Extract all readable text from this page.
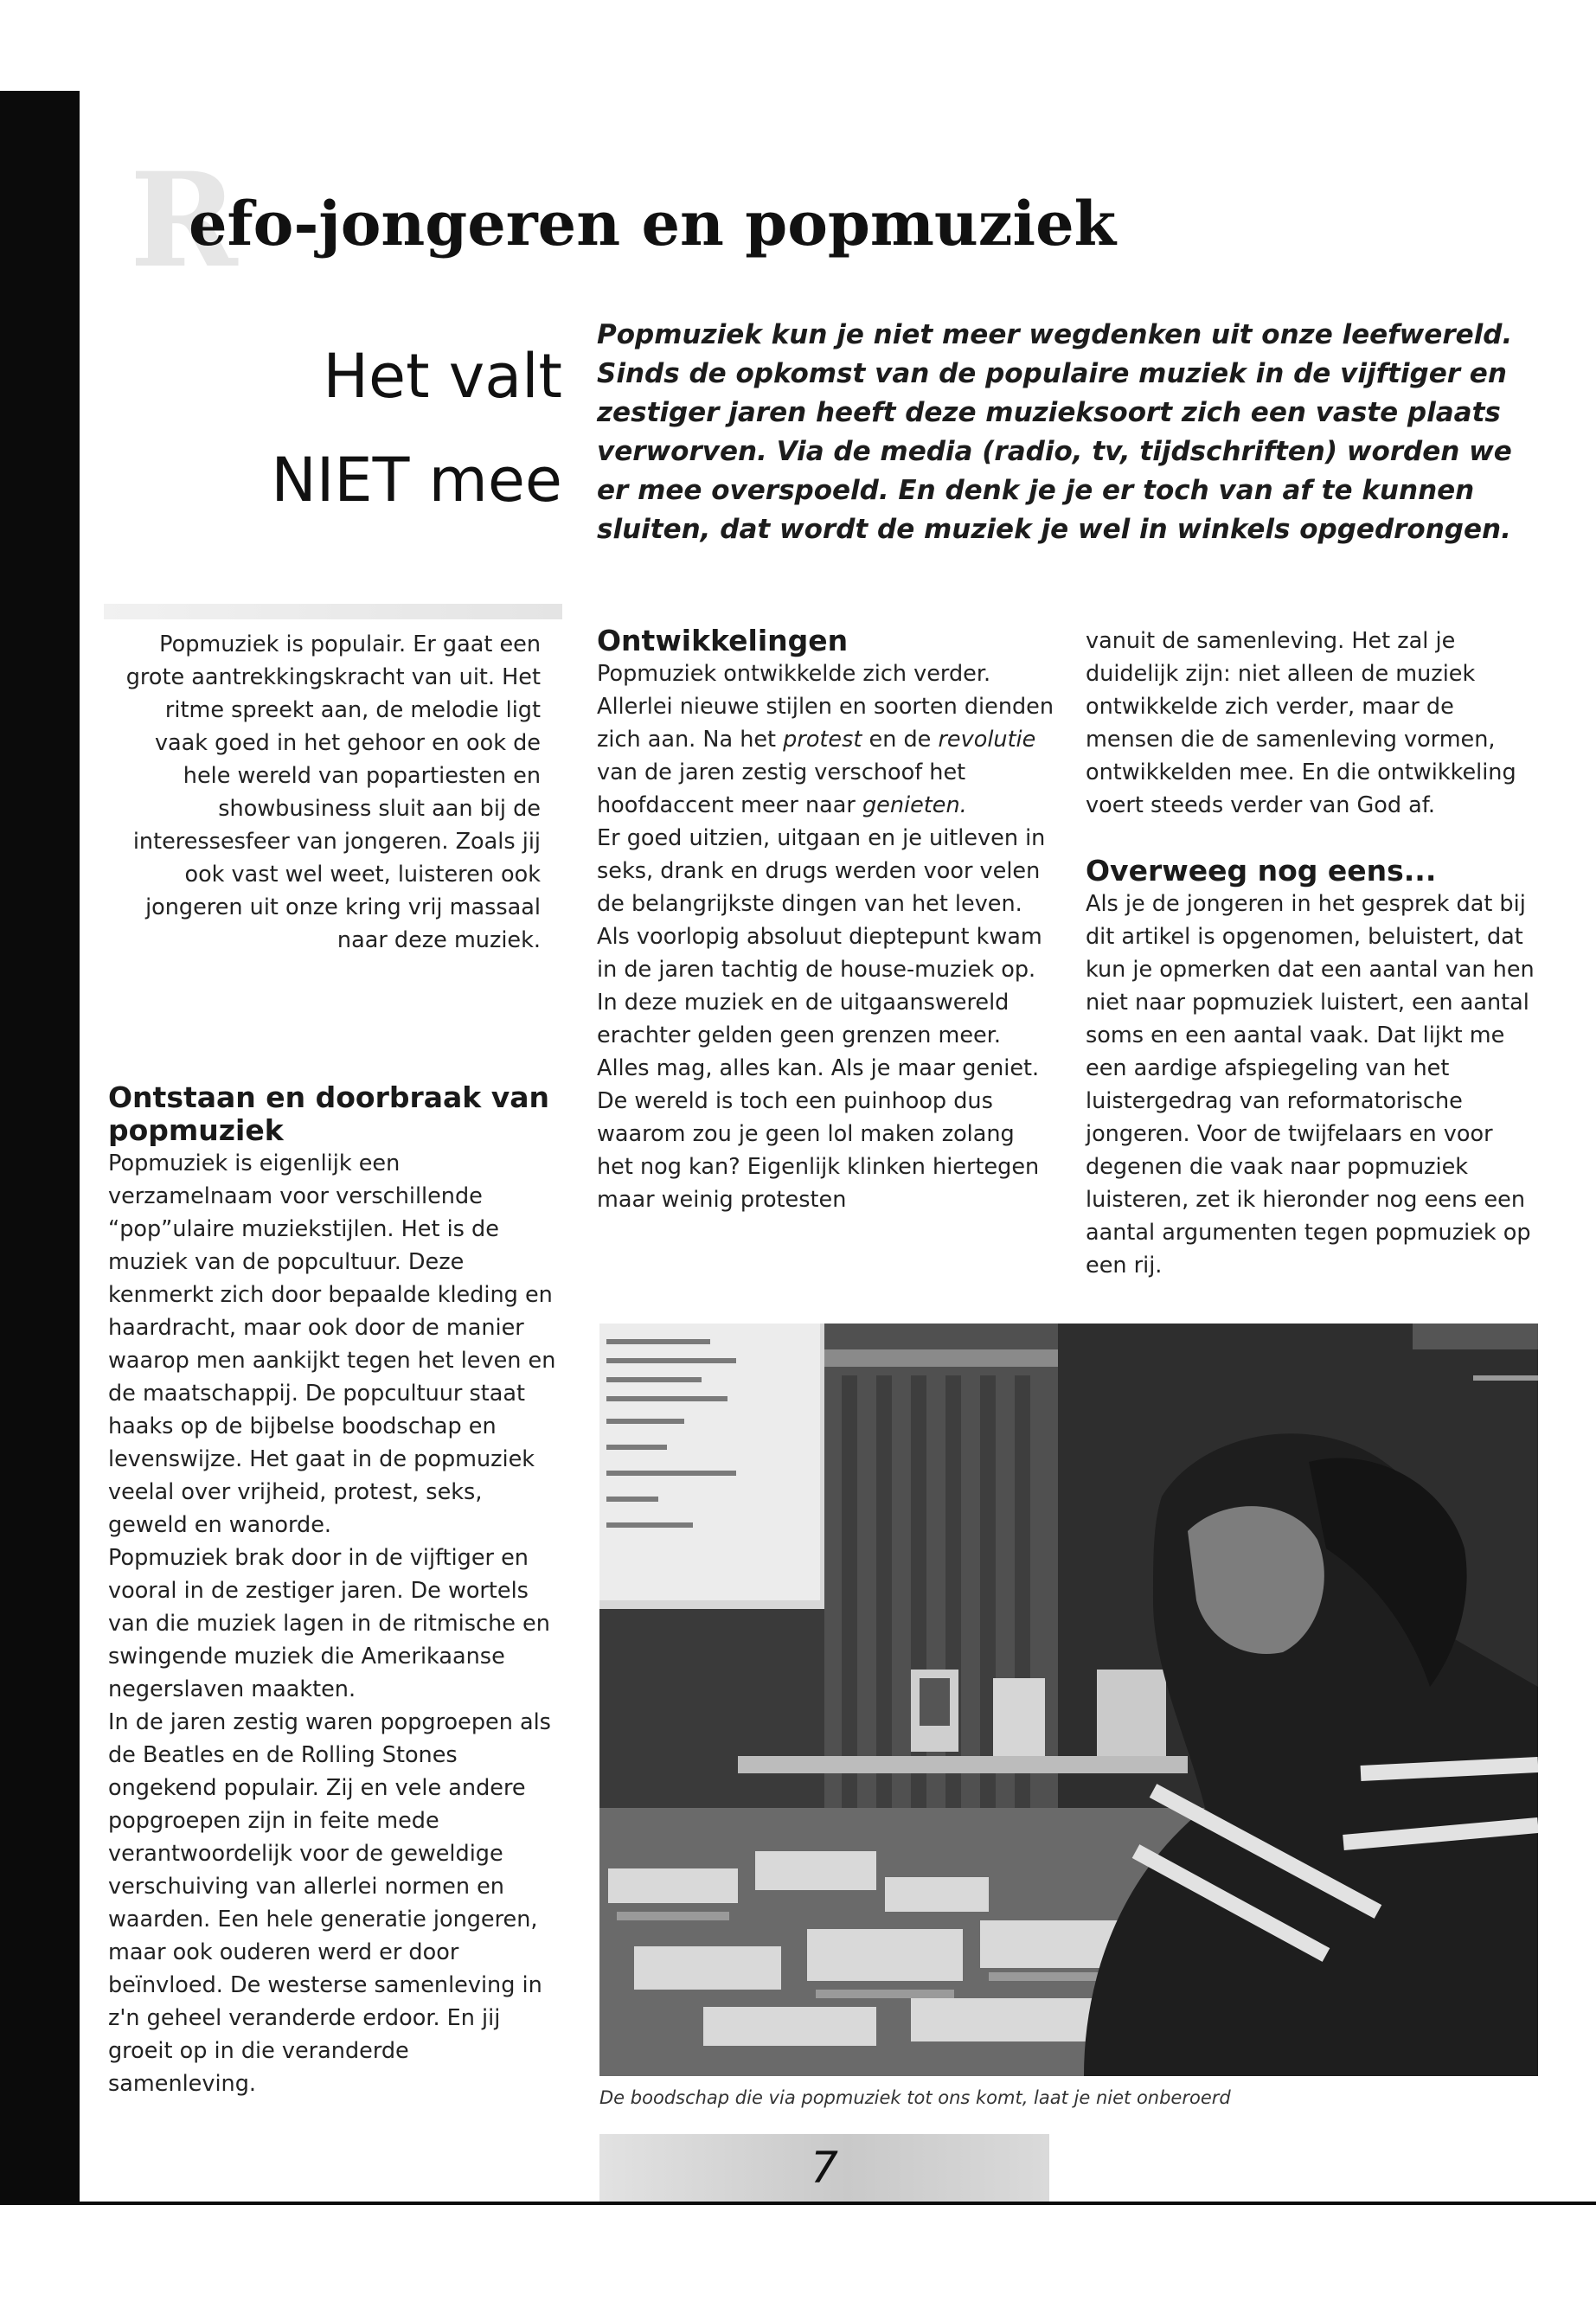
R
efo-jongeren en popmuziek
Het valt
NIET mee
Popmuziek kun je niet meer wegdenken uit onze leefwereld. Sinds de opkomst van de populaire muziek in de vijftiger en zestiger jaren heeft deze muzieksoort zich een vaste plaats verworven. Via de media (radio, tv, tijdschriften) worden we er mee overspoeld. En denk je je er toch van af te kunnen sluiten, dat wordt de muziek je wel in winkels opgedrongen.

Popmuziek is populair. Er gaat een grote aantrekkingskracht van uit. Het ritme spreekt aan, de melodie ligt vaak goed in het gehoor en ook de hele wereld van popartiesten en showbusiness sluit aan bij de interessesfeer van jongeren. Zoals jij ook vast wel weet, luisteren ook jongeren uit onze kring vrij massaal naar deze muziek.

Ontstaan en doorbraak van popmuziek

Popmuziek is eigenlijk een verzamelnaam voor verschillende “pop”ulaire muziekstijlen. Het is de muziek van de popcultuur. Deze kenmerkt zich door bepaalde kleding en haardracht, maar ook door de manier waarop men aankijkt tegen het leven en de maatschappij. De popcultuur staat haaks op de bijbelse boodschap en levenswijze. Het gaat in de popmuziek veelal over vrijheid, protest, seks, geweld en wanorde.

Popmuziek brak door in de vijftiger en vooral in de zestiger jaren. De wortels van die muziek lagen in de ritmische en swingende muziek die Amerikaanse negerslaven maakten.

In de jaren zestig waren popgroepen als de Beatles en de Rolling Stones ongekend populair. Zij en vele andere popgroepen zijn in feite mede verantwoordelijk voor de geweldige verschuiving van allerlei normen en waarden. Een hele generatie jongeren, maar ook ouderen werd er door beïnvloed. De westerse samenleving in z'n geheel veranderde erdoor. En jij groeit op in die veranderde samenleving.

Ontwikkelingen

Popmuziek ontwikkelde zich verder. Allerlei nieuwe stijlen en soorten dienden zich aan. Na het protest en de revolutie van de jaren zestig verschoof het hoofdaccent meer naar genieten.

Er goed uitzien, uitgaan en je uitleven in seks, drank en drugs werden voor velen de belangrijkste dingen van het leven. Als voorlopig absoluut dieptepunt kwam in de jaren tachtig de house-muziek op. In deze muziek en de uitgaanswereld erachter gelden geen grenzen meer. Alles mag, alles kan. Als je maar geniet. De wereld is toch een puinhoop dus waarom zou je geen lol maken zolang het nog kan? Eigenlijk klinken hiertegen maar weinig protesten

vanuit de samenleving. Het zal je duidelijk zijn: niet alleen de muziek ontwikkelde zich verder, maar de mensen die de samenleving vormen, ontwikkelden mee. En die ontwikkeling voert steeds verder van God af.

Overweeg nog eens...

Als je de jongeren in het gesprek dat bij dit artikel is opgenomen, beluistert, dat kun je opmerken dat een aantal van hen niet naar popmuziek luistert, een aantal soms en een aantal vaak. Dat lijkt me een aardige afspiegeling van het luistergedrag van reformatorische jongeren. Voor de twijfelaars en voor degenen die vaak naar popmuziek luisteren, zet ik hieronder nog eens een aantal argumenten tegen popmuziek op een rij.

De boodschap die via popmuziek tot ons komt, laat je niet onberoerd
7
